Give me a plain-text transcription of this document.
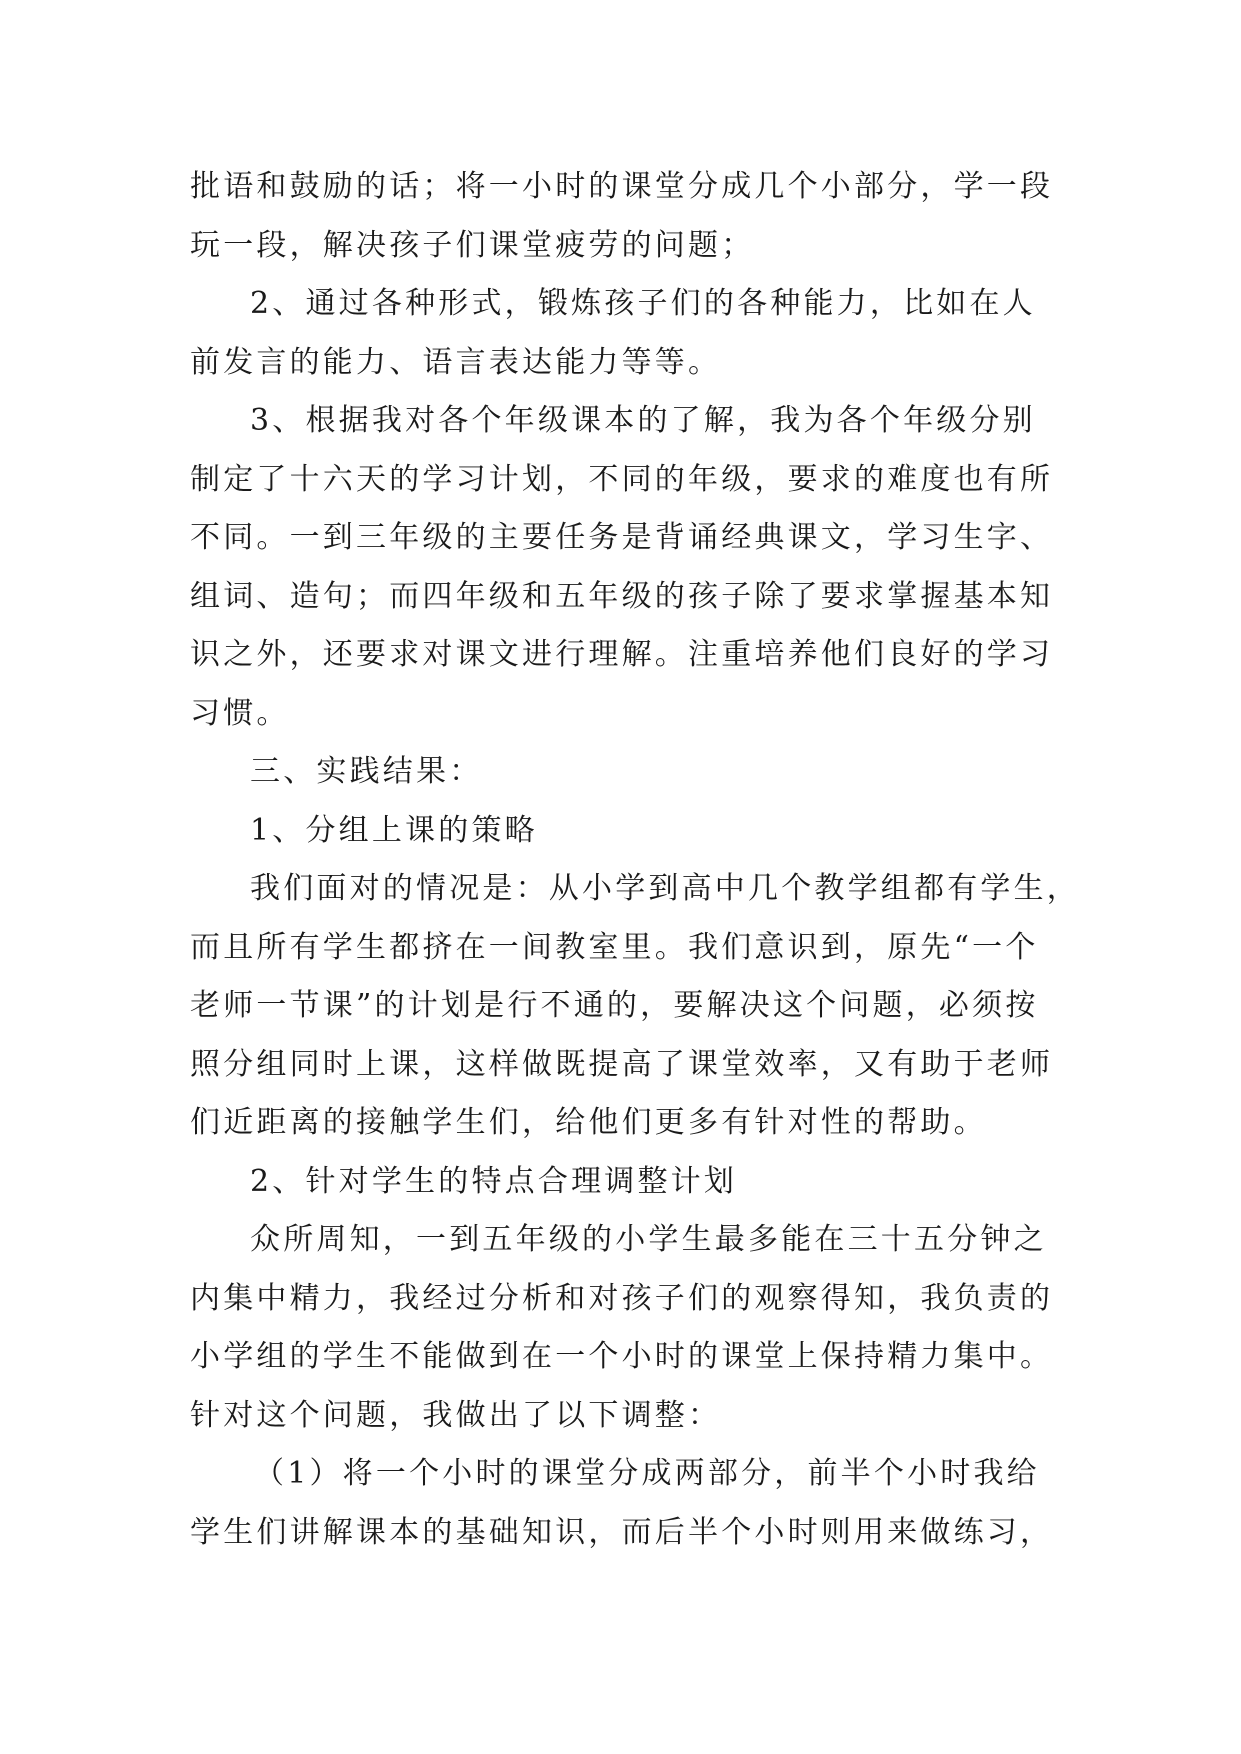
批语和鼓励的话；将一小时的课堂分成几个小部分，学一段
玩一段，解决孩子们课堂疲劳的问题；
2、通过各种形式，锻炼孩子们的各种能力，比如在人
前发言的能力、语言表达能力等等。
3、根据我对各个年级课本的了解，我为各个年级分别
制定了十六天的学习计划，不同的年级，要求的难度也有所
不同。一到三年级的主要任务是背诵经典课文，学习生字、
组词、造句；而四年级和五年级的孩子除了要求掌握基本知
识之外，还要求对课文进行理解。注重培养他们良好的学习
习惯。
三、实践结果：
1、分组上课的策略
我们面对的情况是：从小学到高中几个教学组都有学生，
而且所有学生都挤在一间教室里。我们意识到，原先“一个
老师一节课”的计划是行不通的，要解决这个问题，必须按
照分组同时上课，这样做既提高了课堂效率，又有助于老师
们近距离的接触学生们，给他们更多有针对性的帮助。
2、针对学生的特点合理调整计划
众所周知，一到五年级的小学生最多能在三十五分钟之
内集中精力，我经过分析和对孩子们的观察得知，我负责的
小学组的学生不能做到在一个小时的课堂上保持精力集中。
针对这个问题，我做出了以下调整：
（1）将一个小时的课堂分成两部分，前半个小时我给
学生们讲解课本的基础知识，而后半个小时则用来做练习，
